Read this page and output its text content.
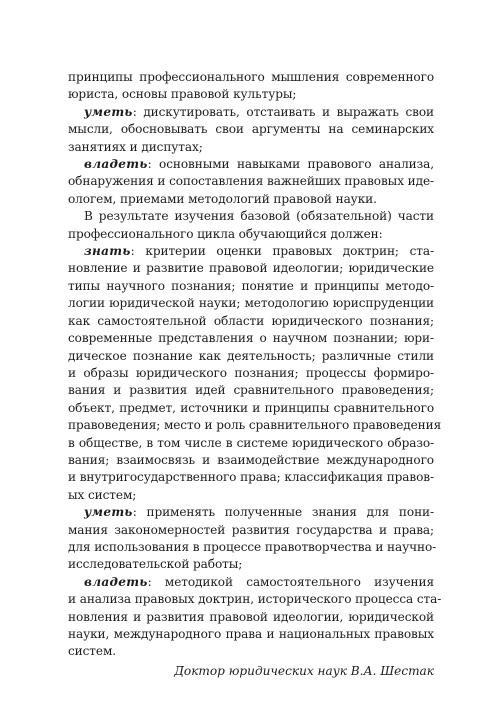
принципы профессионального мышления современного
юриста, основы правовой культуры;
уметь: дискутировать, отстаивать и выражать свои
мысли, обосновывать свои аргументы на семинарских
занятиях и диспутах;
владеть: основными навыками правового анализа,
обнаружения и сопоставления важнейших правовых иде-
ологем, приемами методологий правовой науки.
В результате изучения базовой (обязательной) части
профессионального цикла обучающийся должен:
знать: критерии оценки правовых доктрин; ста-
новление и развитие правовой идеологии; юридические
типы научного познания; понятие и принципы методо-
логии юридической науки; методологию юриспруденции
как самостоятельной области юридического познания;
современные представления о научном познании; юри-
дическое познание как деятельность; различные стили
и образы юридического познания; процессы формиро-
вания и развития идей сравнительного правоведения;
объект, предмет, источники и принципы сравнительного
правоведения; место и роль сравнительного правоведения
в обществе, в том числе в системе юридического образо-
вания; взаимосвязь и взаимодействие международного
и внутригосударственного права; классификация правов-
ых систем;
уметь: применять полученные знания для пони-
мания закономерностей развития государства и права;
для использования в процессе правотворчества и научно-
исследовательской работы;
владеть: методикой самостоятельного изучения
и анализа правовых доктрин, исторического процесса ста-
новления и развития правовой идеологии, юридической
науки, международного права и национальных правовых
систем.
Доктор юридических наук В.А. Шестак
